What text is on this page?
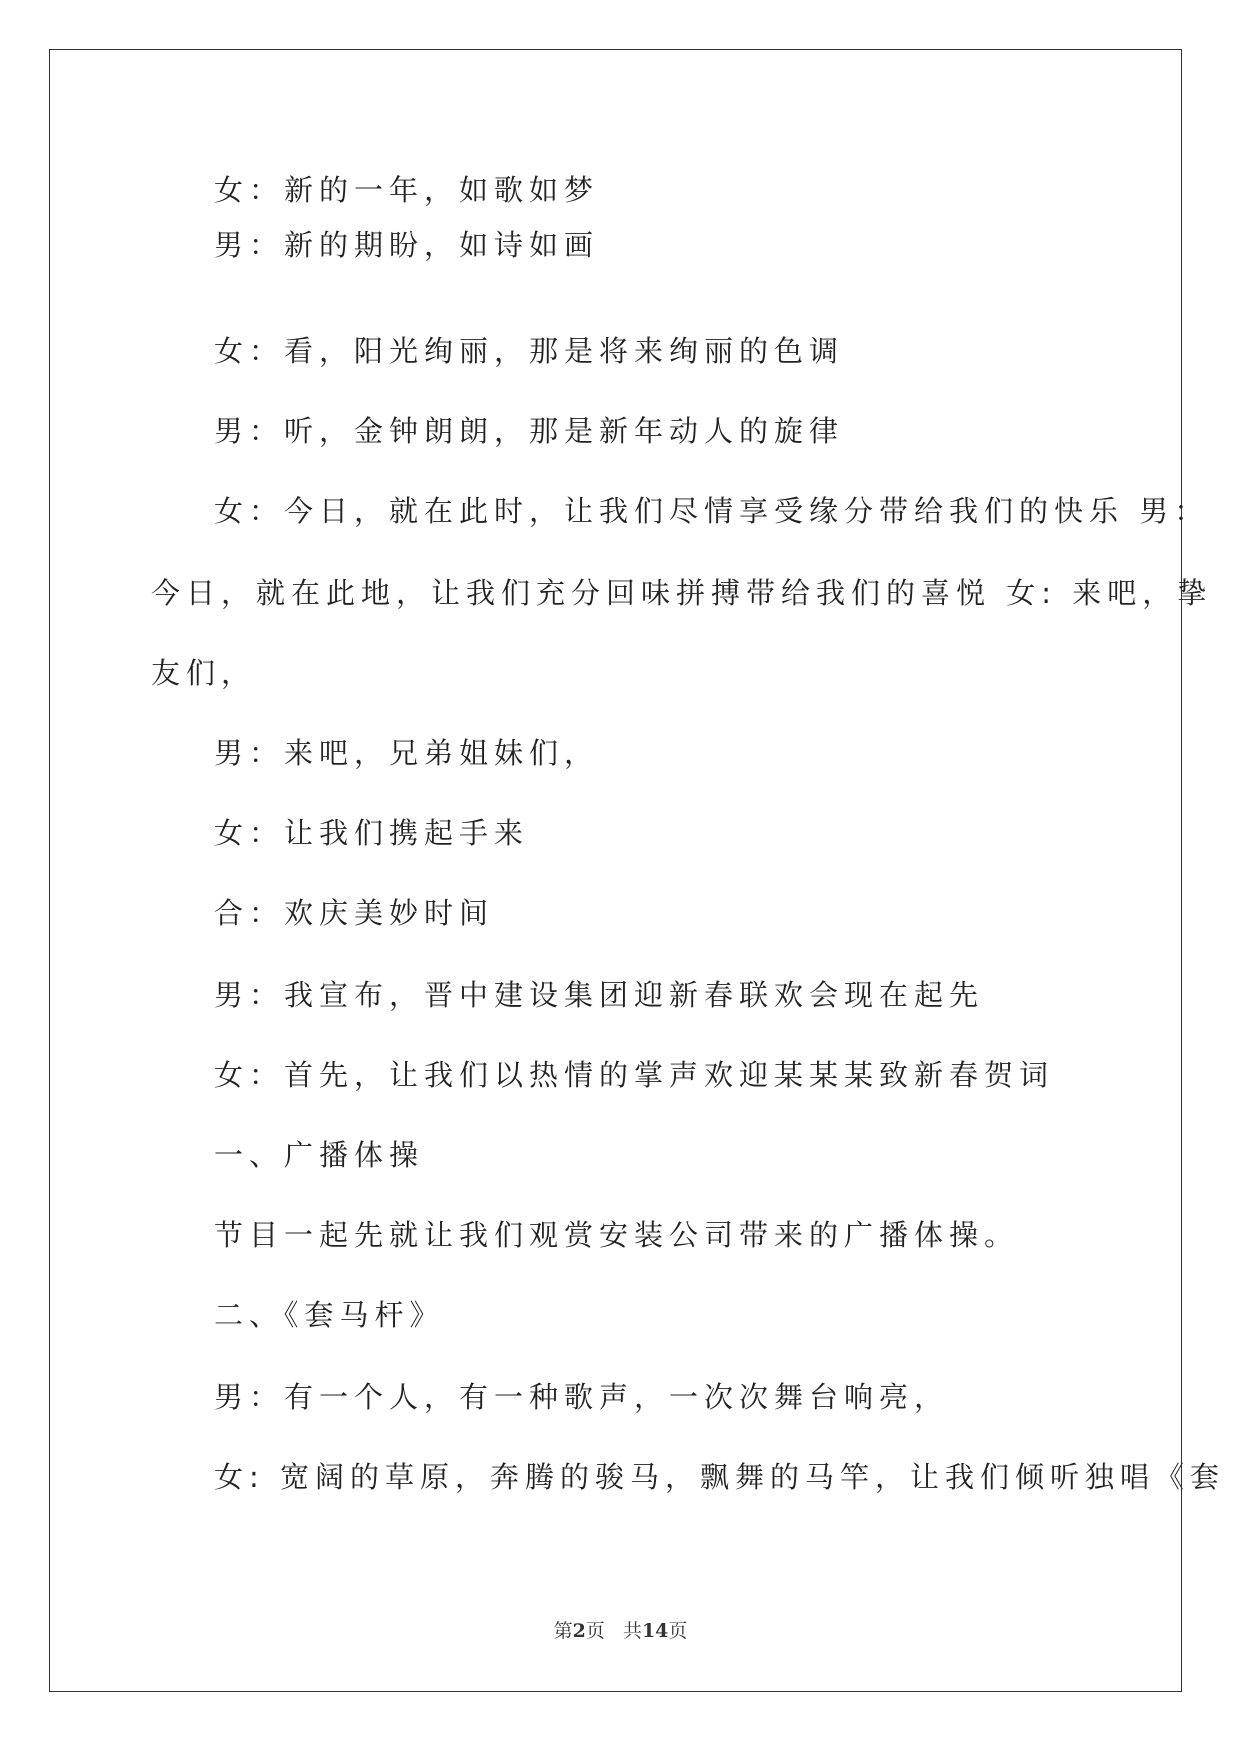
女：新的一年，如歌如梦
男：新的期盼，如诗如画
女：看，阳光绚丽，那是将来绚丽的色调
男：听，金钟朗朗，那是新年动人的旋律
女：今日，就在此时，让我们尽情享受缘分带给我们的快乐 男：
今日，就在此地，让我们充分回味拼搏带给我们的喜悦 女: 来吧，挚
友们，
男：来吧，兄弟姐妹们，
女：让我们携起手来
合：欢庆美妙时间
男：我宣布，晋中建设集团迎新春联欢会现在起先
女：首先，让我们以热情的掌声欢迎某某某致新春贺词
一、广播体操
节目一起先就让我们观赏安装公司带来的广播体操。
二、《套马杆》
男：有一个人，有一种歌声，一次次舞台响亮，
女: 宽阔的草原，奔腾的骏马，飘舞的马竿，让我们倾听独唱《套
第2页   共14页
